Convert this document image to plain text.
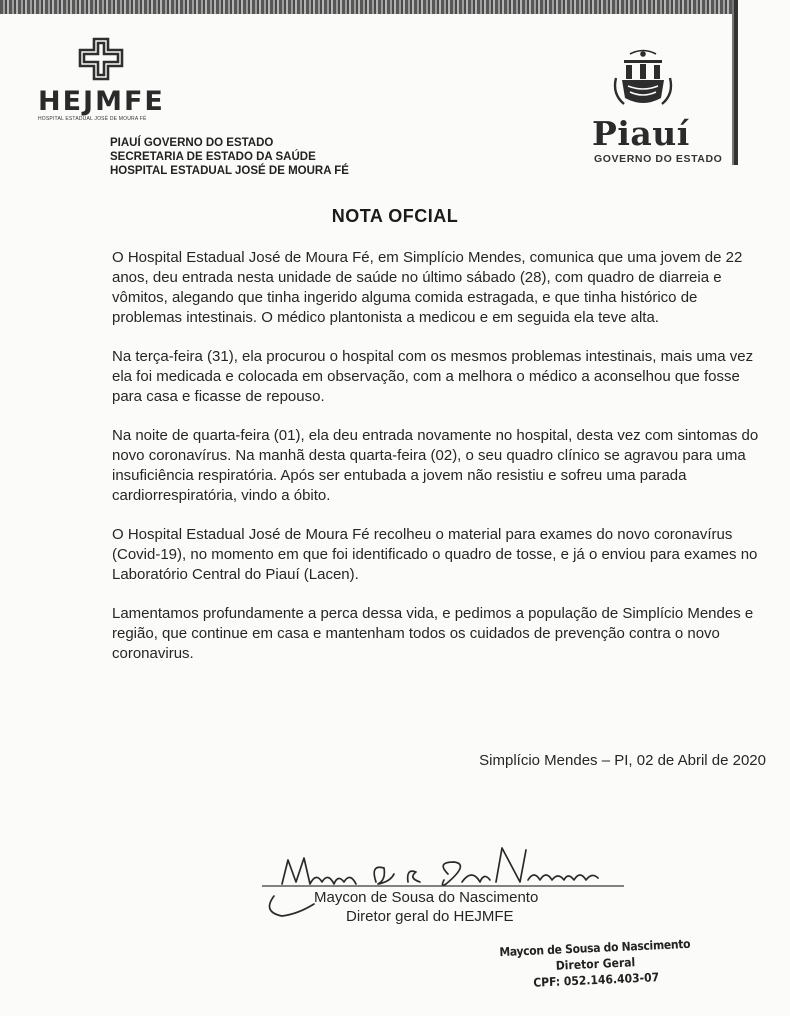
HEJMFE
HOSPITAL ESTADUAL JOSÉ DE MOURA FÉ
PIAUÍ GOVERNO DO ESTADO
SECRETARIA DE ESTADO DA SAÚDE
HOSPITAL ESTADUAL JOSÉ DE MOURA FÉ
Piauí
GOVERNO DO ESTADO
NOTA OFCIAL

O Hospital Estadual José de Moura Fé, em Simplício Mendes, comunica que uma jovem de 22 anos, deu entrada nesta unidade de saúde no último sábado (28), com quadro de diarreia e vômitos, alegando que tinha ingerido alguma comida estragada, e que tinha histórico de problemas intestinais. O médico plantonista a medicou e em seguida ela teve alta.

Na terça-feira (31), ela procurou o hospital com os mesmos problemas intestinais, mais uma vez ela foi medicada e colocada em observação, com a melhora o médico a aconselhou que fosse para casa e ficasse de repouso.

Na noite de quarta-feira (01), ela deu entrada novamente no hospital, desta vez com sintomas do novo coronavírus. Na manhã desta quarta-feira (02), o seu quadro clínico se agravou para uma insuficiência respiratória. Após ser entubada a jovem não resistiu e sofreu uma parada cardiorrespiratória, vindo a óbito.

O Hospital Estadual José de Moura Fé recolheu o material para exames do novo coronavírus (Covid-19), no momento em que foi identificado o quadro de tosse, e já o enviou para exames no Laboratório Central do Piauí (Lacen).

Lamentamos profundamente a perca dessa vida, e pedimos a população de Simplício Mendes e região, que continue em casa e mantenham todos os cuidados de prevenção contra o novo coronavirus.

Simplício Mendes – PI, 02 de Abril de 2020
Maycon de Sousa do Nascimento
Diretor geral do HEJMFE
Maycon de Sousa do Nascimento
Diretor Geral
CPF: 052.146.403-07
